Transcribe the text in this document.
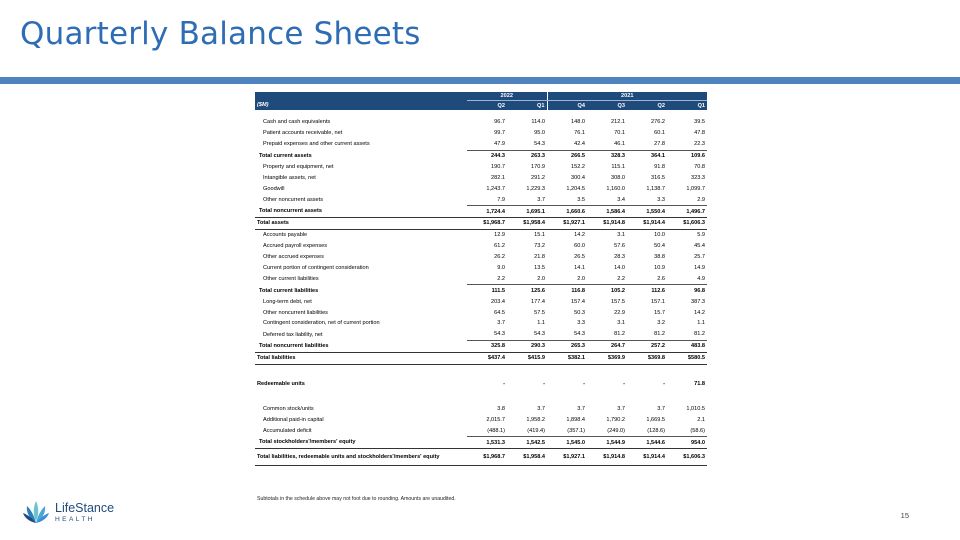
Quarterly Balance Sheets
	2022		2021			
($M)	Q2	Q1	Q4	Q3	Q2	Q1

Cash and cash equivalents	96.7	114.0	148.0	212.1	276.2	39.5
Patient accounts receivable, net	99.7	95.0	76.1	70.1	60.1	47.8
Prepaid expenses and other current assets	47.9	54.3	42.4	46.1	27.8	22.3
Total current assets	244.3	263.3	266.5	328.3	364.1	109.6
Property and equipment, net	190.7	170.9	152.2	115.1	91.8	70.8
Intangible assets, net	282.1	291.2	300.4	308.0	316.5	323.3
Goodwill	1,243.7	1,229.3	1,204.5	1,160.0	1,138.7	1,099.7
Other noncurrent assets	7.9	3.7	3.5	3.4	3.3	2.9
Total noncurrent assets	1,724.4	1,695.1	1,660.6	1,586.4	1,550.4	1,496.7
Total assets	$1,968.7	$1,958.4	$1,927.1	$1,914.8	$1,914.4	$1,606.3
Accounts payable	12.9	15.1	14.2	3.1	10.0	5.9
Accrued payroll expenses	61.2	73.2	60.0	57.6	50.4	45.4
Other accrued expenses	26.2	21.8	26.5	28.3	38.8	25.7
Current portion of contingent consideration	9.0	13.5	14.1	14.0	10.9	14.9
Other current liabilities	2.2	2.0	2.0	2.2	2.6	4.9
Total current liabilities	111.5	125.6	116.8	105.2	112.6	96.8
Long-term debt, net	203.4	177.4	157.4	157.5	157.1	387.3
Other noncurrent liabilities	64.5	57.5	50.3	22.9	15.7	14.2
Contingent consideration, net of current portion	3.7	1.1	3.3	3.1	3.2	1.1
Deferred tax liability, net	54.3	54.3	54.3	81.2	81.2	81.2
Total noncurrent liabilities	325.8	290.3	265.3	264.7	257.2	483.8
Total liabilities	$437.4	$415.9	$382.1	$369.9	$369.8	$580.5

Redeemable units	-	-	-	-	-	71.8

Common stock/units	3.8	3.7	3.7	3.7	3.7	1,010.5
Additional paid-in capital	2,015.7	1,958.2	1,898.4	1,790.2	1,669.5	2.1
Accumulated deficit	(488.1)	(419.4)	(357.1)	(249.0)	(128.6)	(58.6)
Total stockholders'/members' equity	1,531.3	1,542.5	1,545.0	1,544.9	1,544.6	954.0
Total liabilities, redeemable units and stockholders'/members' equity	$1,968.7	$1,958.4	$1,927.1	$1,914.8	$1,914.4	$1,606.3
Subtotals in the schedule above may not foot due to rounding. Amounts are unaudited.
LifeStance
HEALTH	15
